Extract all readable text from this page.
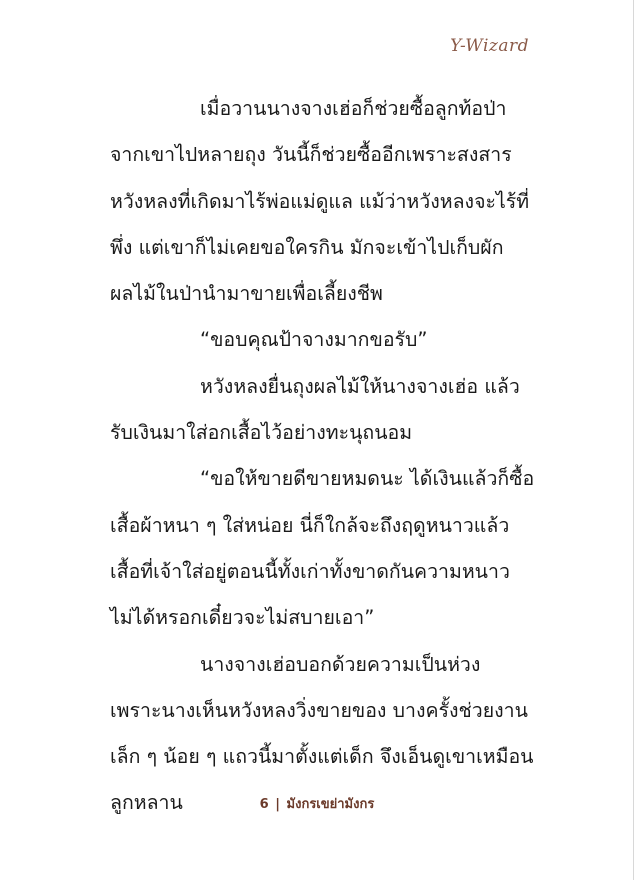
Y-Wizard
เมื่อวานนางจางเฮ่อก็ช่วยซื้อลูกท้อป่า
จากเขาไปหลายถุง วันนี้ก็ช่วยซื้ออีกเพราะสงสาร
หวังหลงที่เกิดมาไร้พ่อแม่ดูแล แม้ว่าหวังหลงจะไร้ที่
พึ่ง แต่เขาก็ไม่เคยขอใครกิน มักจะเข้าไปเก็บผัก
ผลไม้ในป่านำมาขายเพื่อเลี้ยงชีพ
“ขอบคุณป้าจางมากขอรับ”
หวังหลงยื่นถุงผลไม้ให้นางจางเฮ่อ แล้ว
รับเงินมาใส่อกเสื้อไว้อย่างทะนุถนอม
“ขอให้ขายดีขายหมดนะ ได้เงินแล้วก็ซื้อ
เสื้อผ้าหนา ๆ ใส่หน่อย นี่ก็ใกล้จะถึงฤดูหนาวแล้ว
เสื้อที่เจ้าใส่อยู่ตอนนี้ทั้งเก่าทั้งขาดกันความหนาว
ไม่ได้หรอกเดี๋ยวจะไม่สบายเอา”
นางจางเฮ่อบอกด้วยความเป็นห่วง
เพราะนางเห็นหวังหลงวิ่งขายของ บางครั้งช่วยงาน
เล็ก ๆ น้อย ๆ แถวนี้มาตั้งแต่เด็ก จึงเอ็นดูเขาเหมือน
ลูกหลาน	6 | มังกรเขย่ามังกร
